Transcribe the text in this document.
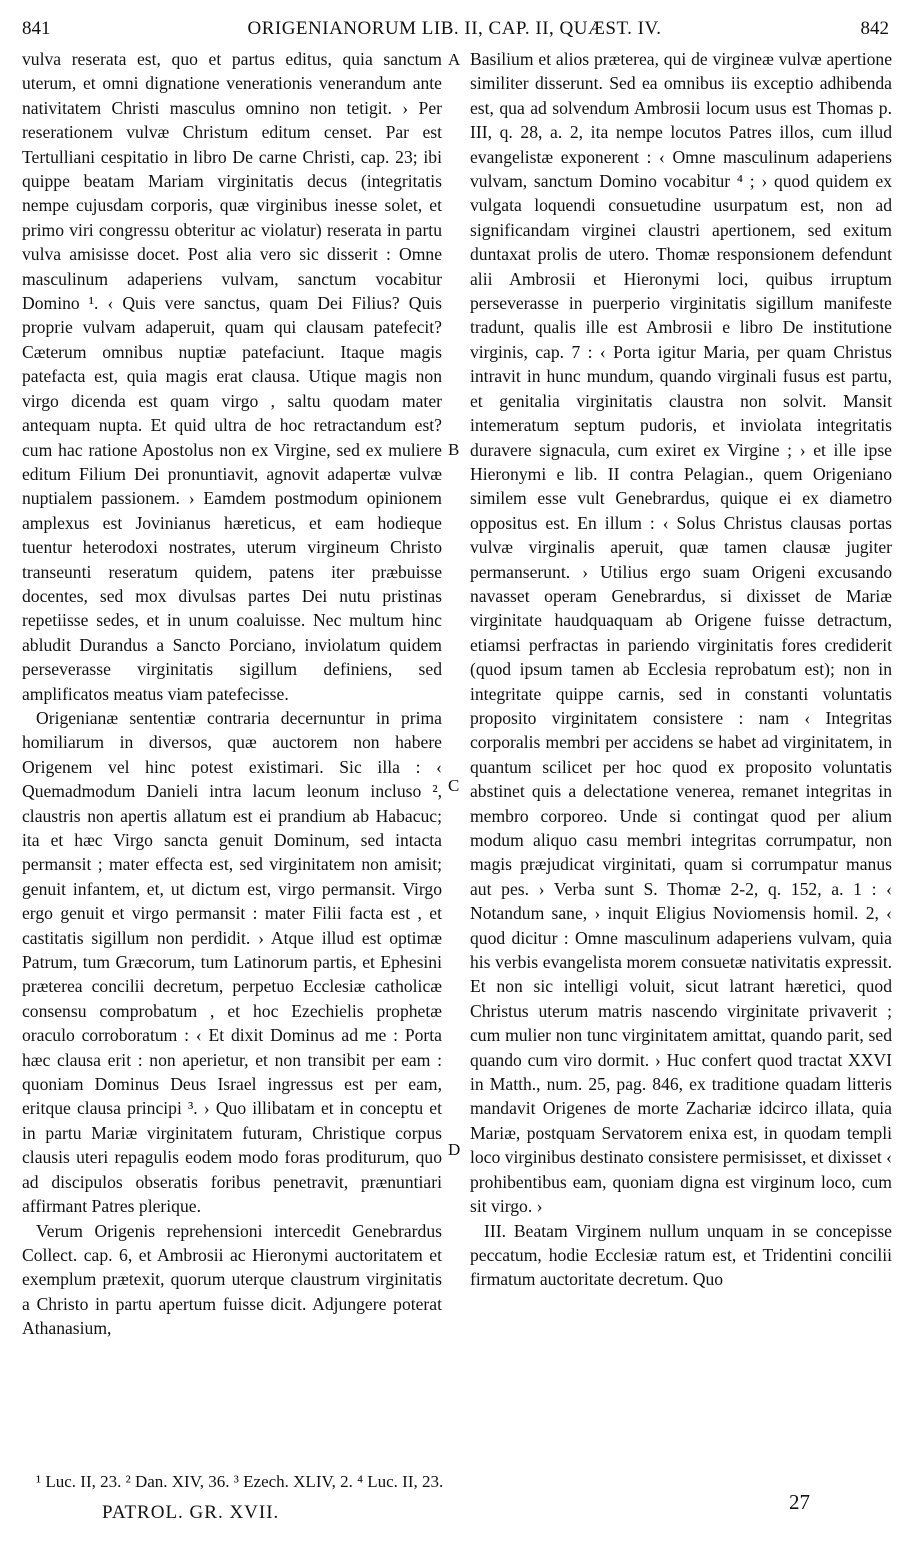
841	ORIGENIANORUM LIB. II, CAP. II, QUÆST. IV.	842

vulva reserata est, quo et partus editus, quia sanctum uterum, et omni dignatione venerationis venerandum ante nativitatem Christi masculus omnino non tetigit. › Per reserationem vulvæ Christum editum censet. Par est Tertulliani cespitatio in libro De carne Christi, cap. 23; ibi quippe beatam Mariam virginitatis decus (integritatis nempe cujusdam corporis, quæ virginibus inesse solet, et primo viri congressu obteritur ac violatur) reserata in partu vulva amisisse docet. Post alia vero sic disserit : Omne masculinum adaperiens vulvam, sanctum vocabitur Domino ¹. ‹ Quis vere sanctus, quam Dei Filius? Quis proprie vulvam adaperuit, quam qui clausam patefecit? Cæterum omnibus nuptiæ patefaciunt. Itaque magis patefacta est, quia magis erat clausa. Utique magis non virgo dicenda est quam virgo , saltu quodam mater antequam nupta. Et quid ultra de hoc retractandum est? cum hac ratione Apostolus non ex Virgine, sed ex muliere editum Filium Dei pronuntiavit, agnovit adapertæ vulvæ nuptialem passionem. › Eamdem postmodum opinionem amplexus est Jovinianus hæreticus, et eam hodieque tuentur heterodoxi nostrates, uterum virgineum Christo transeunti reseratum quidem, patens iter præbuisse docentes, sed mox divulsas partes Dei nutu pristinas repetiisse sedes, et in unum coaluisse. Nec multum hinc abludit Durandus a Sancto Porciano, inviolatum quidem perseverasse virginitatis sigillum definiens, sed amplificatos meatus viam patefecisse.

Origenianæ sententiæ contraria decernuntur in prima homiliarum in diversos, quæ auctorem non habere Origenem vel hinc potest existimari. Sic illa : ‹ Quemadmodum Danieli intra lacum leonum incluso ², claustris non apertis allatum est ei prandium ab Habacuc; ita et hæc Virgo sancta genuit Dominum, sed intacta permansit ; mater effecta est, sed virginitatem non amisit; genuit infantem, et, ut dictum est, virgo permansit. Virgo ergo genuit et virgo permansit : mater Filii facta est , et castitatis sigillum non perdidit. › Atque illud est optimæ Patrum, tum Græcorum, tum Latinorum partis, et Ephesini præterea concilii decretum, perpetuo Ecclesiæ catholicæ consensu comprobatum , et hoc Ezechielis prophetæ oraculo corroboratum : ‹ Et dixit Dominus ad me : Porta hæc clausa erit : non aperietur, et non transibit per eam : quoniam Dominus Deus Israel ingressus est per eam, eritque clausa principi ³. › Quo illibatam et in conceptu et in partu Mariæ virginitatem futuram, Christique corpus clausis uteri repagulis eodem modo foras proditurum, quo ad discipulos obseratis foribus penetravit, prænuntiari affirmant Patres plerique.

Verum Origenis reprehensioni intercedit Genebrardus Collect. cap. 6, et Ambrosii ac Hieronymi auctoritatem et exemplum prætexit, quorum uterque claustrum virginitatis a Christo in partu apertum fuisse dicit. Adjungere poterat Athanasium,

A
B
C
D

Basilium et alios præterea, qui de virgineæ vulvæ apertione similiter disserunt. Sed ea omnibus iis exceptio adhibenda est, qua ad solvendum Ambrosii locum usus est Thomas p. III, q. 28, a. 2, ita nempe locutos Patres illos, cum illud evangelistæ exponerent : ‹ Omne masculinum adaperiens vulvam, sanctum Domino vocabitur ⁴ ; › quod quidem ex vulgata loquendi consuetudine usurpatum est, non ad significandam virginei claustri apertionem, sed exitum duntaxat prolis de utero. Thomæ responsionem defendunt alii Ambrosii et Hieronymi loci, quibus irruptum perseverasse in puerperio virginitatis sigillum manifeste tradunt, qualis ille est Ambrosii e libro De institutione virginis, cap. 7 : ‹ Porta igitur Maria, per quam Christus intravit in hunc mundum, quando virginali fusus est partu, et genitalia virginitatis claustra non solvit. Mansit intemeratum septum pudoris, et inviolata integritatis duravere signacula, cum exiret ex Virgine ; › et ille ipse Hieronymi e lib. II contra Pelagian., quem Origeniano similem esse vult Genebrardus, quique ei ex diametro oppositus est. En illum : ‹ Solus Christus clausas portas vulvæ virginalis aperuit, quæ tamen clausæ jugiter permanserunt. › Utilius ergo suam Origeni excusando navasset operam Genebrardus, si dixisset de Mariæ virginitate haudquaquam ab Origene fuisse detractum, etiamsi perfractas in pariendo virginitatis fores crediderit (quod ipsum tamen ab Ecclesia reprobatum est); non in integritate quippe carnis, sed in constanti voluntatis proposito virginitatem consistere : nam ‹ Integritas corporalis membri per accidens se habet ad virginitatem, in quantum scilicet per hoc quod ex proposito voluntatis abstinet quis a delectatione venerea, remanet integritas in membro corporeo. Unde si contingat quod per alium modum aliquo casu membri integritas corrumpatur, non magis præjudicat virginitati, quam si corrumpatur manus aut pes. › Verba sunt S. Thomæ 2-2, q. 152, a. 1 : ‹ Notandum sane, › inquit Eligius Noviomensis homil. 2, ‹ quod dicitur : Omne masculinum adaperiens vulvam, quia his verbis evangelista morem consuetæ nativitatis expressit. Et non sic intelligi voluit, sicut latrant hæretici, quod Christus uterum matris nascendo virginitate privaverit ; cum mulier non tunc virginitatem amittat, quando parit, sed quando cum viro dormit. › Huc confert quod tractat XXVI in Matth., num. 25, pag. 846, ex traditione quadam litteris mandavit Origenes de morte Zachariæ idcirco illata, quia Mariæ, postquam Servatorem enixa est, in quodam templi loco virginibus destinato consistere permisisset, et dixisset ‹ prohibentibus eam, quoniam digna est virginum loco, cum sit virgo. ›

III. Beatam Virginem nullum unquam in se concepisse peccatum, hodie Ecclesiæ ratum est, et Tridentini concilii firmatum auctoritate decretum. Quo

¹ Luc. II, 23. ² Dan. XIV, 36. ³ Ezech. XLIV, 2. ⁴ Luc. II, 23.
PATROL. GR. XVII.	27
